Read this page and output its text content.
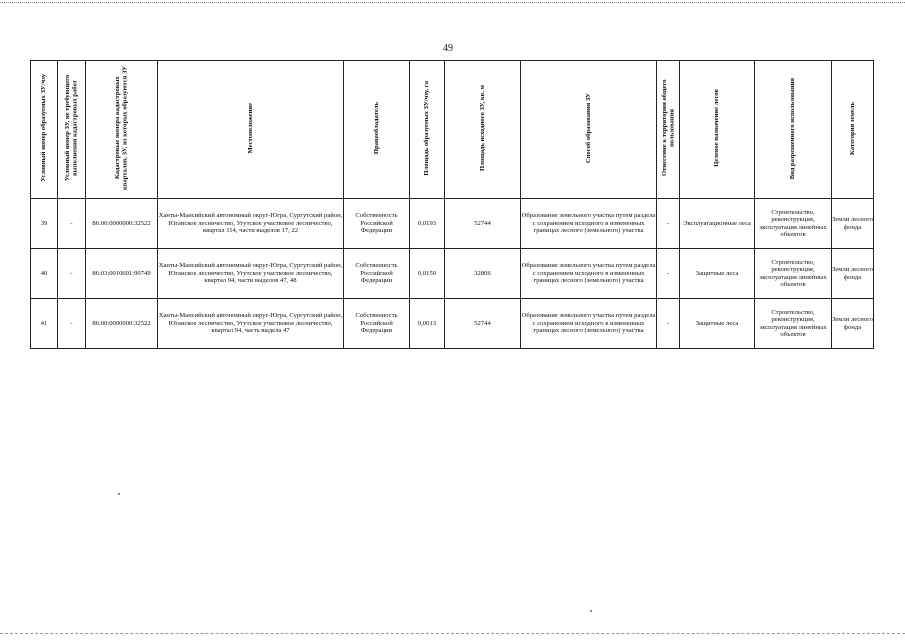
49
Условный номер образуемых ЗУ/чзу	Условный номер ЗУ, не требующего выполнения кадастровых работ	Кадастровые номера кадастровых кварталов, ЗУ, из которых образуются ЗУ	Местоположение	Правообладатель	Площадь образуемых ЗУ/чзу, га	Площадь исходного ЗУ, кв. м	Способ образования ЗУ	Отнесение к территории общего пользования	Целевое назначение лесов	Вид разрешенного использования	Категория земель
39	-	86:00:0000000:32522	Ханты-Мансийский автономный округ-Югра, Сургутский район, Юганское лесничество, Угутское участковое лесничество, квартал 114, части выделов 17, 22	Собственность Российской Федерации	0,0193	52744	Образование земельного участка путем раздела с сохранением исходного в измененных границах лесного (земельного) участка	-	Эксплуатационные леса	Строительство, реконструкция, эксплуатация линейных объектов	Земли лесного фонда
40	-	86:03:0010601:90749	Ханты-Мансийский автономный округ-Югра, Сургутский район, Юганское лесничество, Угутское участковое лесничество, квартал 94, части выделов 47, 48	Собственность Российской Федерации	0,0150	32806	Образование земельного участка путем раздела с сохранением исходного в измененных границах лесного (земельного) участка	-	Защитные леса	Строительство, реконструкция, эксплуатация линейных объектов	Земли лесного фонда
41	-	86:00:0000000:32522	Ханты-Мансийский автономный округ-Югра, Сургутский район, Юганское лесничество, Угутское участковое лесничество, квартал 94, часть выдела 47	Собственность Российской Федерации	0,0013	52744	Образование земельного участка путем раздела с сохранением исходного в измененных границах лесного (земельного) участка	-	Защитные леса	Строительство, реконструкция, эксплуатация линейных объектов	Земли лесного фонда
